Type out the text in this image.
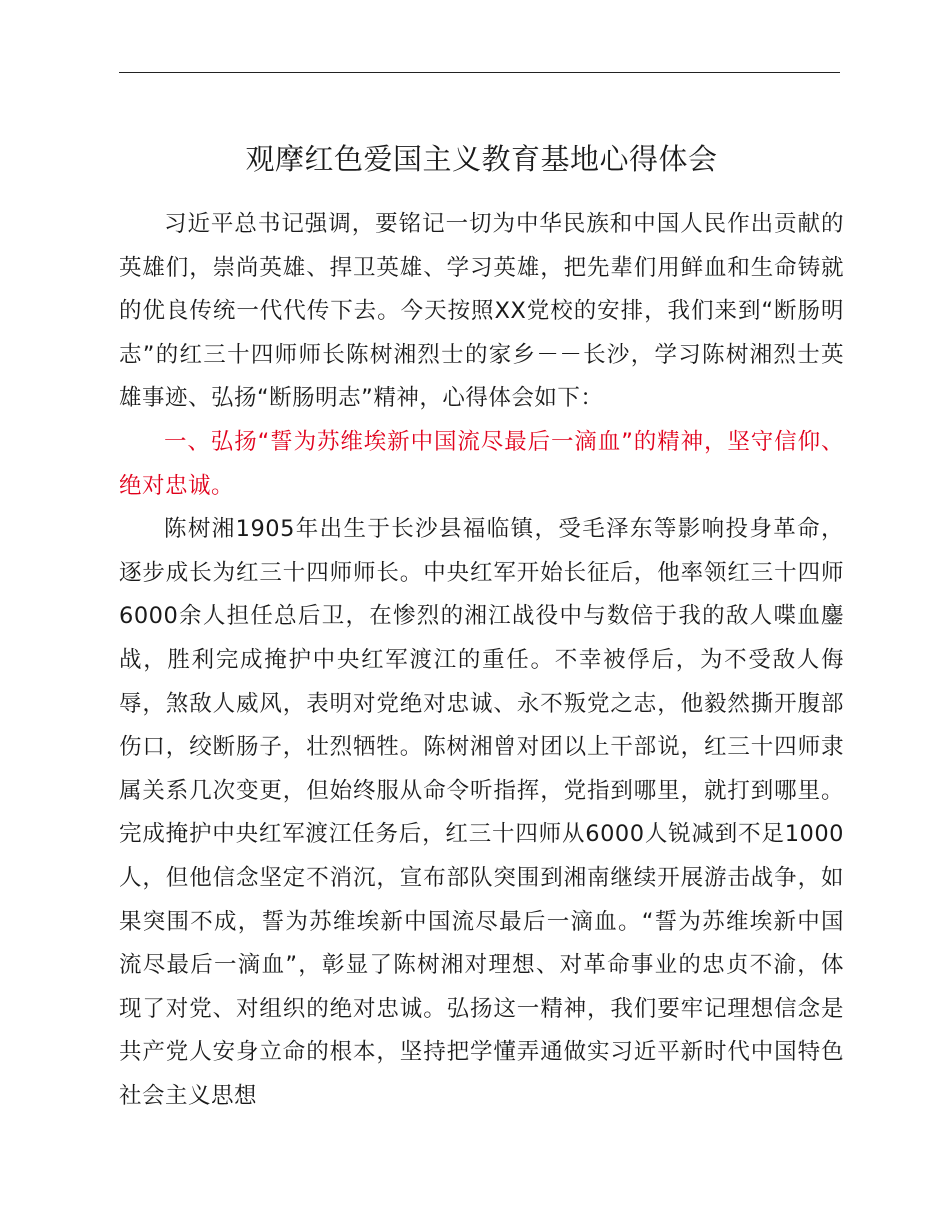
观摩红色爱国主义教育基地心得体会

习近平总书记强调，要铭记一切为中华民族和中国人民作出贡献的英雄们，崇尚英雄、捍卫英雄、学习英雄，把先辈们用鲜血和生命铸就的优良传统一代代传下去。今天按照XX党校的安排，我们来到“断肠明志”的红三十四师师长陈树湘烈士的家乡－－长沙，学习陈树湘烈士英雄事迹、弘扬“断肠明志”精神，心得体会如下：

一、弘扬“誓为苏维埃新中国流尽最后一滴血”的精神，坚守信仰、绝对忠诚。

陈树湘1905年出生于长沙县福临镇，受毛泽东等影响投身革命，逐步成长为红三十四师师长。中央红军开始长征后，他率领红三十四师6000余人担任总后卫，在惨烈的湘江战役中与数倍于我的敌人喋血鏖战，胜利完成掩护中央红军渡江的重任。不幸被俘后，为不受敌人侮辱，煞敌人威风，表明对党绝对忠诚、永不叛党之志，他毅然撕开腹部伤口，绞断肠子，壮烈牺牲。陈树湘曾对团以上干部说，红三十四师隶属关系几次变更，但始终服从命令听指挥，党指到哪里，就打到哪里。完成掩护中央红军渡江任务后，红三十四师从6000人锐减到不足1000人，但他信念坚定不消沉，宣布部队突围到湘南继续开展游击战争，如果突围不成，誓为苏维埃新中国流尽最后一滴血。“誓为苏维埃新中国流尽最后一滴血”，彰显了陈树湘对理想、对革命事业的忠贞不渝，体现了对党、对组织的绝对忠诚。弘扬这一精神，我们要牢记理想信念是共产党人安身立命的根本，坚持把学懂弄通做实习近平新时代中国特色社会主义思想
